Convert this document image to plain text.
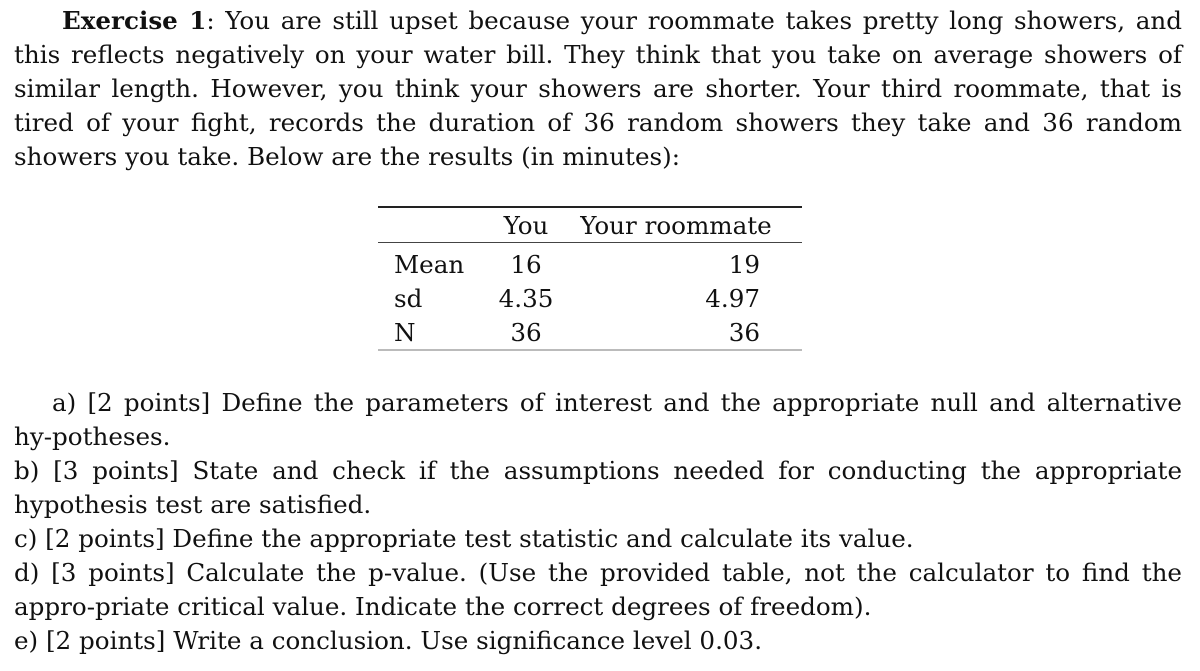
Exercise 1: You are still upset because your roommate takes pretty long showers, and this reflects negatively on your water bill. They think that you take on average showers of similar length. However, you think your showers are shorter. Your third roommate, that is tired of your fight, records the duration of 36 random showers they take and 36 random showers you take. Below are the results (in minutes):

	You	Your roommate
Mean	16	19
sd	4.35	4.97
N	36	36
a) [2 points] Define the parameters of interest and the appropriate null and alternative hy-potheses.
b) [3 points] State and check if the assumptions needed for conducting the appropriate hypothesis test are satisfied.
c) [2 points] Define the appropriate test statistic and calculate its value.
d) [3 points] Calculate the p-value. (Use the provided table, not the calculator to find the appro-priate critical value. Indicate the correct degrees of freedom).
e) [2 points] Write a conclusion. Use significance level 0.03.
